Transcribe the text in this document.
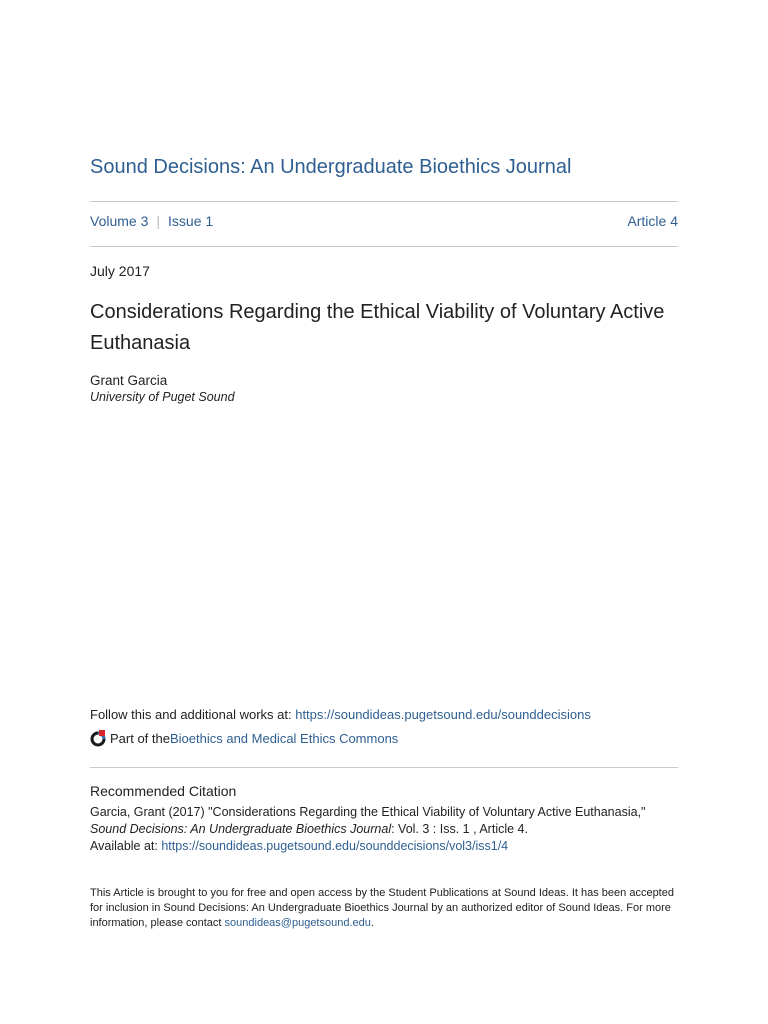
Sound Decisions: An Undergraduate Bioethics Journal
Volume 3 | Issue 1	Article 4
July 2017
Considerations Regarding the Ethical Viability of Voluntary Active Euthanasia
Grant Garcia
University of Puget Sound
Follow this and additional works at: https://soundideas.pugetsound.edu/sounddecisions
Part of the Bioethics and Medical Ethics Commons
Recommended Citation
Garcia, Grant (2017) "Considerations Regarding the Ethical Viability of Voluntary Active Euthanasia,"
Sound Decisions: An Undergraduate Bioethics Journal: Vol. 3 : Iss. 1 , Article 4.
Available at: https://soundideas.pugetsound.edu/sounddecisions/vol3/iss1/4
This Article is brought to you for free and open access by the Student Publications at Sound Ideas. It has been accepted for inclusion in Sound Decisions: An Undergraduate Bioethics Journal by an authorized editor of Sound Ideas. For more information, please contact soundideas@pugetsound.edu.
